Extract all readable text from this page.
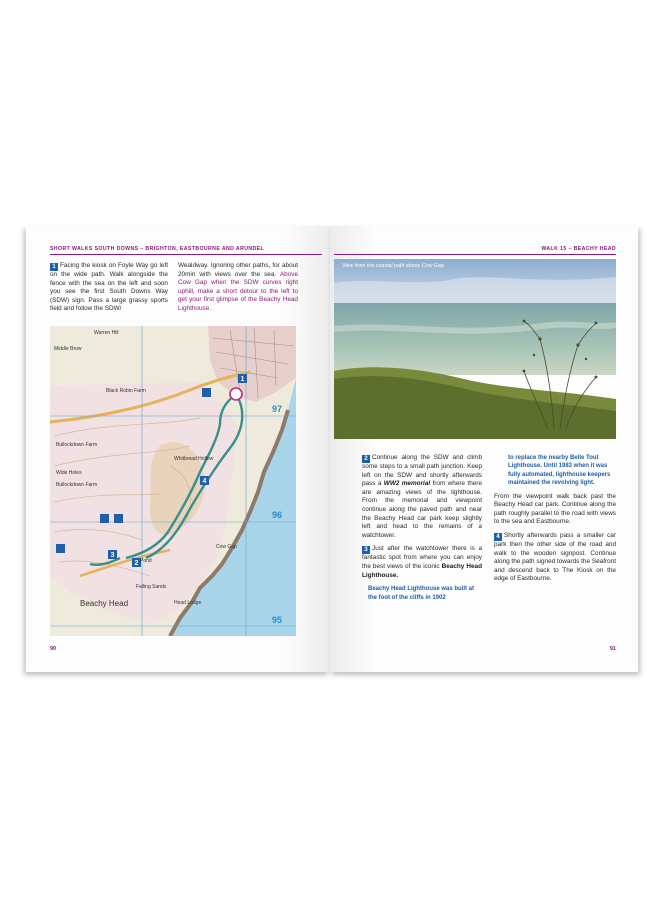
SHORT WALKS SOUTH DOWNS – BRIGHTON, EASTBOURNE AND ARUNDEL
1 Facing the kiosk on Foyle Way go left on the wide path. Walk alongside the fence with the sea on the left and soon you see the first South Downs Way (SDW) sign. Pass a large grassy sports field and follow the SDW/
Wealdway. Ignoring other paths, for about 20min with views over the sea. Above Cow Gap when the SDW curves right uphill, make a short detour to the left to get your first glimpse of the Beachy Head Lighthouse.
1
4
3
2
Middle Brow
Warren Hill
Black Robin Farm
Bullockdown Farm
Bullockdown Farm
Wide Holes
Whitbread Hollow
Cow Gap
Falling Sands
Pond
Head Lodge
Beachy Head
97
96
95
90
WALK 15 – BEACHY HEAD
View from the coastal path above Cow Gap
2 Continue along the SDW and climb some steps to a small path junction. Keep left on the SDW and shortly afterwards pass a WW2 memorial from where there are amazing views of the lighthouse. From the memorial and viewpoint continue along the paved path and near the Beachy Head car park keep slightly left and head to the remains of a watchtower.
3 Just after the watchtower there is a fantastic spot from where you can enjoy the best views of the iconic Beachy Head Lighthouse.
Beachy Head Lighthouse was built at the foot of the cliffs in 1902
to replace the nearby Belle Tout Lighthouse. Until 1983 when it was fully automated, lighthouse keepers maintained the revolving light.
From the viewpoint walk back past the Beachy Head car park. Continue along the path roughly parallel to the road with views to the sea and Eastbourne.
4 Shortly afterwards pass a smaller car park then the other side of the road and walk to the wooden signpost. Continue along the path signed towards the Seafront and descend back to The Kiosk on the edge of Eastbourne.
91
